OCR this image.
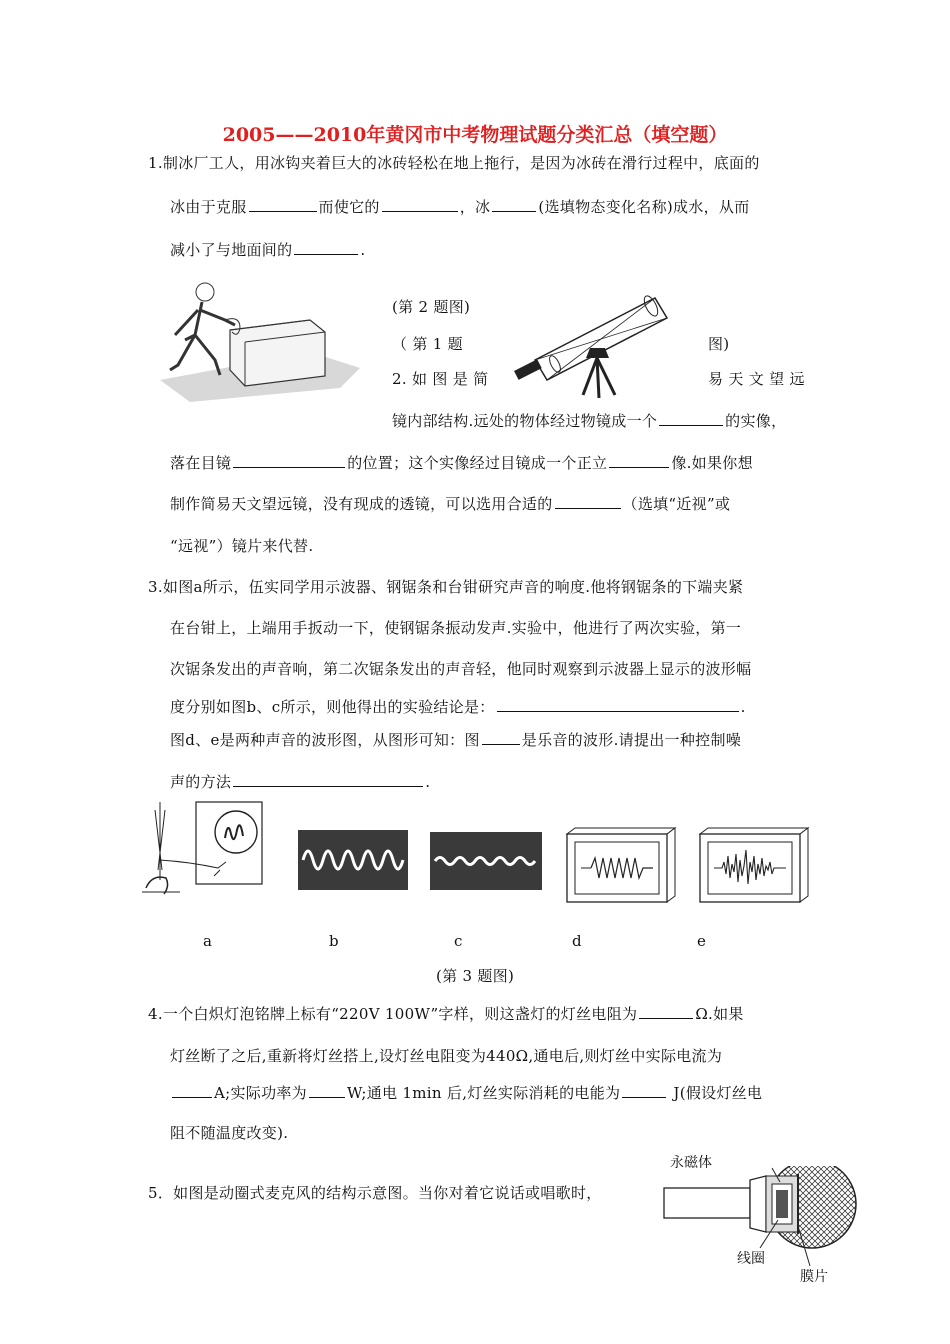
2005——2010年黄冈市中考物理试题分类汇总（填空题）
1.制冰厂工人，用冰钩夹着巨大的冰砖轻松在地上拖行，是因为冰砖在滑行过程中，底面的
冰由于克服	而使它的	，冰	(选填物态变化名称)成水，从而
减小了与地面间的	.
(第 2 题图)
（ 第 1 题	图)
2. 如 图 是 简	易 天 文 望 远
镜内部结构.远处的物体经过物镜成一个	的实像，
落在目镜	的位置；这个实像经过目镜成一个正立	像.如果你想
制作简易天文望远镜，没有现成的透镜，可以选用合适的	（选填“近视”或
“远视”）镜片来代替.
3.如图a所示，伍实同学用示波器、钢锯条和台钳研究声音的响度.他将钢锯条的下端夹紧
在台钳上，上端用手扳动一下，使钢锯条振动发声.实验中，他进行了两次实验，第一
次锯条发出的声音响，第二次锯条发出的声音轻，他同时观察到示波器上显示的波形幅
度分别如图b、c所示，则他得出的实验结论是：	.
图d、e是两种声音的波形图，从图形可知：图	是乐音的波形.请提出一种控制噪
声的方法	.
a	b	c	d	e
(第 3 题图)
4.一个白炽灯泡铭牌上标有“220V 100W”字样，则这盏灯的灯丝电阻为	Ω.如果
灯丝断了之后,重新将灯丝搭上,设灯丝电阻变为440Ω,通电后,则灯丝中实际电流为
A;实际功率为	W;通电 1min 后,灯丝实际消耗的电能为	J(假设灯丝电
阻不随温度改变).
5．如图是动圈式麦克风的结构示意图。当你对着它说话或唱歌时，
永磁体
线圈
膜片
